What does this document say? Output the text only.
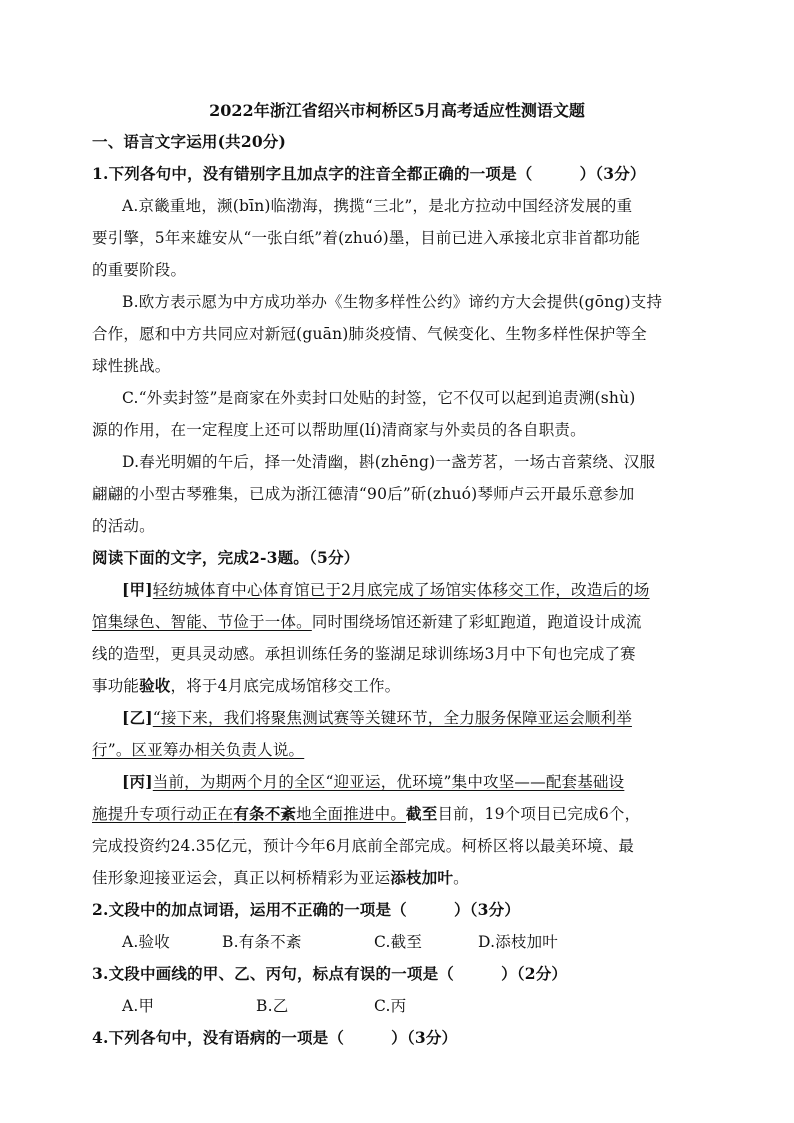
2022年浙江省绍兴市柯桥区5月高考适应性测语文题
一、语言文字运用(共20分)
1.下列各句中，没有错别字且加点字的注音全都正确的一项是（　　　）（3分）
A.京畿重地，濒(bīn)临渤海，携揽“三北”，是北方拉动中国经济发展的重
要引擎，5年来雄安从“一张白纸”着(zhuó)墨，目前已进入承接北京非首都功能
的重要阶段。
B.欧方表示愿为中方成功举办《生物多样性公约》谛约方大会提供(gōng)支持
合作，愿和中方共同应对新冠(guān)肺炎疫情、气候变化、生物多样性保护等全
球性挑战。
C.“外卖封签”是商家在外卖封口处贴的封签，它不仅可以起到追责溯(shù)
源的作用，在一定程度上还可以帮助厘(lí)清商家与外卖员的各自职责。
D.春光明媚的午后，择一处清幽，斟(zhēng)一盏芳茗，一场古音萦绕、汉服
翩翩的小型古琴雅集，已成为浙江德清“90后”斫(zhuó)琴师卢云开最乐意参加
的活动。
阅读下面的文字，完成2-3题。（5分）
[甲]轻纺城体育中心体育馆已于2月底完成了场馆实体移交工作，改造后的场
馆集绿色、智能、节俭于一体。同时围绕场馆还新建了彩虹跑道，跑道设计成流
线的造型，更具灵动感。承担训练任务的鉴湖足球训练场3月中下旬也完成了赛
事功能验收，将于4月底完成场馆移交工作。
[乙]“接下来，我们将聚焦测试赛等关键环节，全力服务保障亚运会顺利举
行”。区亚筹办相关负责人说。
[丙]当前，为期两个月的全区“迎亚运，优环境”集中攻坚——配套基础设
施提升专项行动正在有条不紊地全面推进中。截至目前，19个项目已完成6个，
完成投资约24.35亿元，预计今年6月底前全部完成。柯桥区将以最美环境、最
佳形象迎接亚运会，真正以柯桥精彩为亚运添枝加叶。
2.文段中的加点词语，运用不正确的一项是（　　　）（3分）
A.验收	B.有条不紊	C.截至	D.添枝加叶
3.文段中画线的甲、乙、丙句，标点有误的一项是（　　　）（2分）
A.甲	B.乙	C.丙
4.下列各句中，没有语病的一项是（　　　）（3分）
